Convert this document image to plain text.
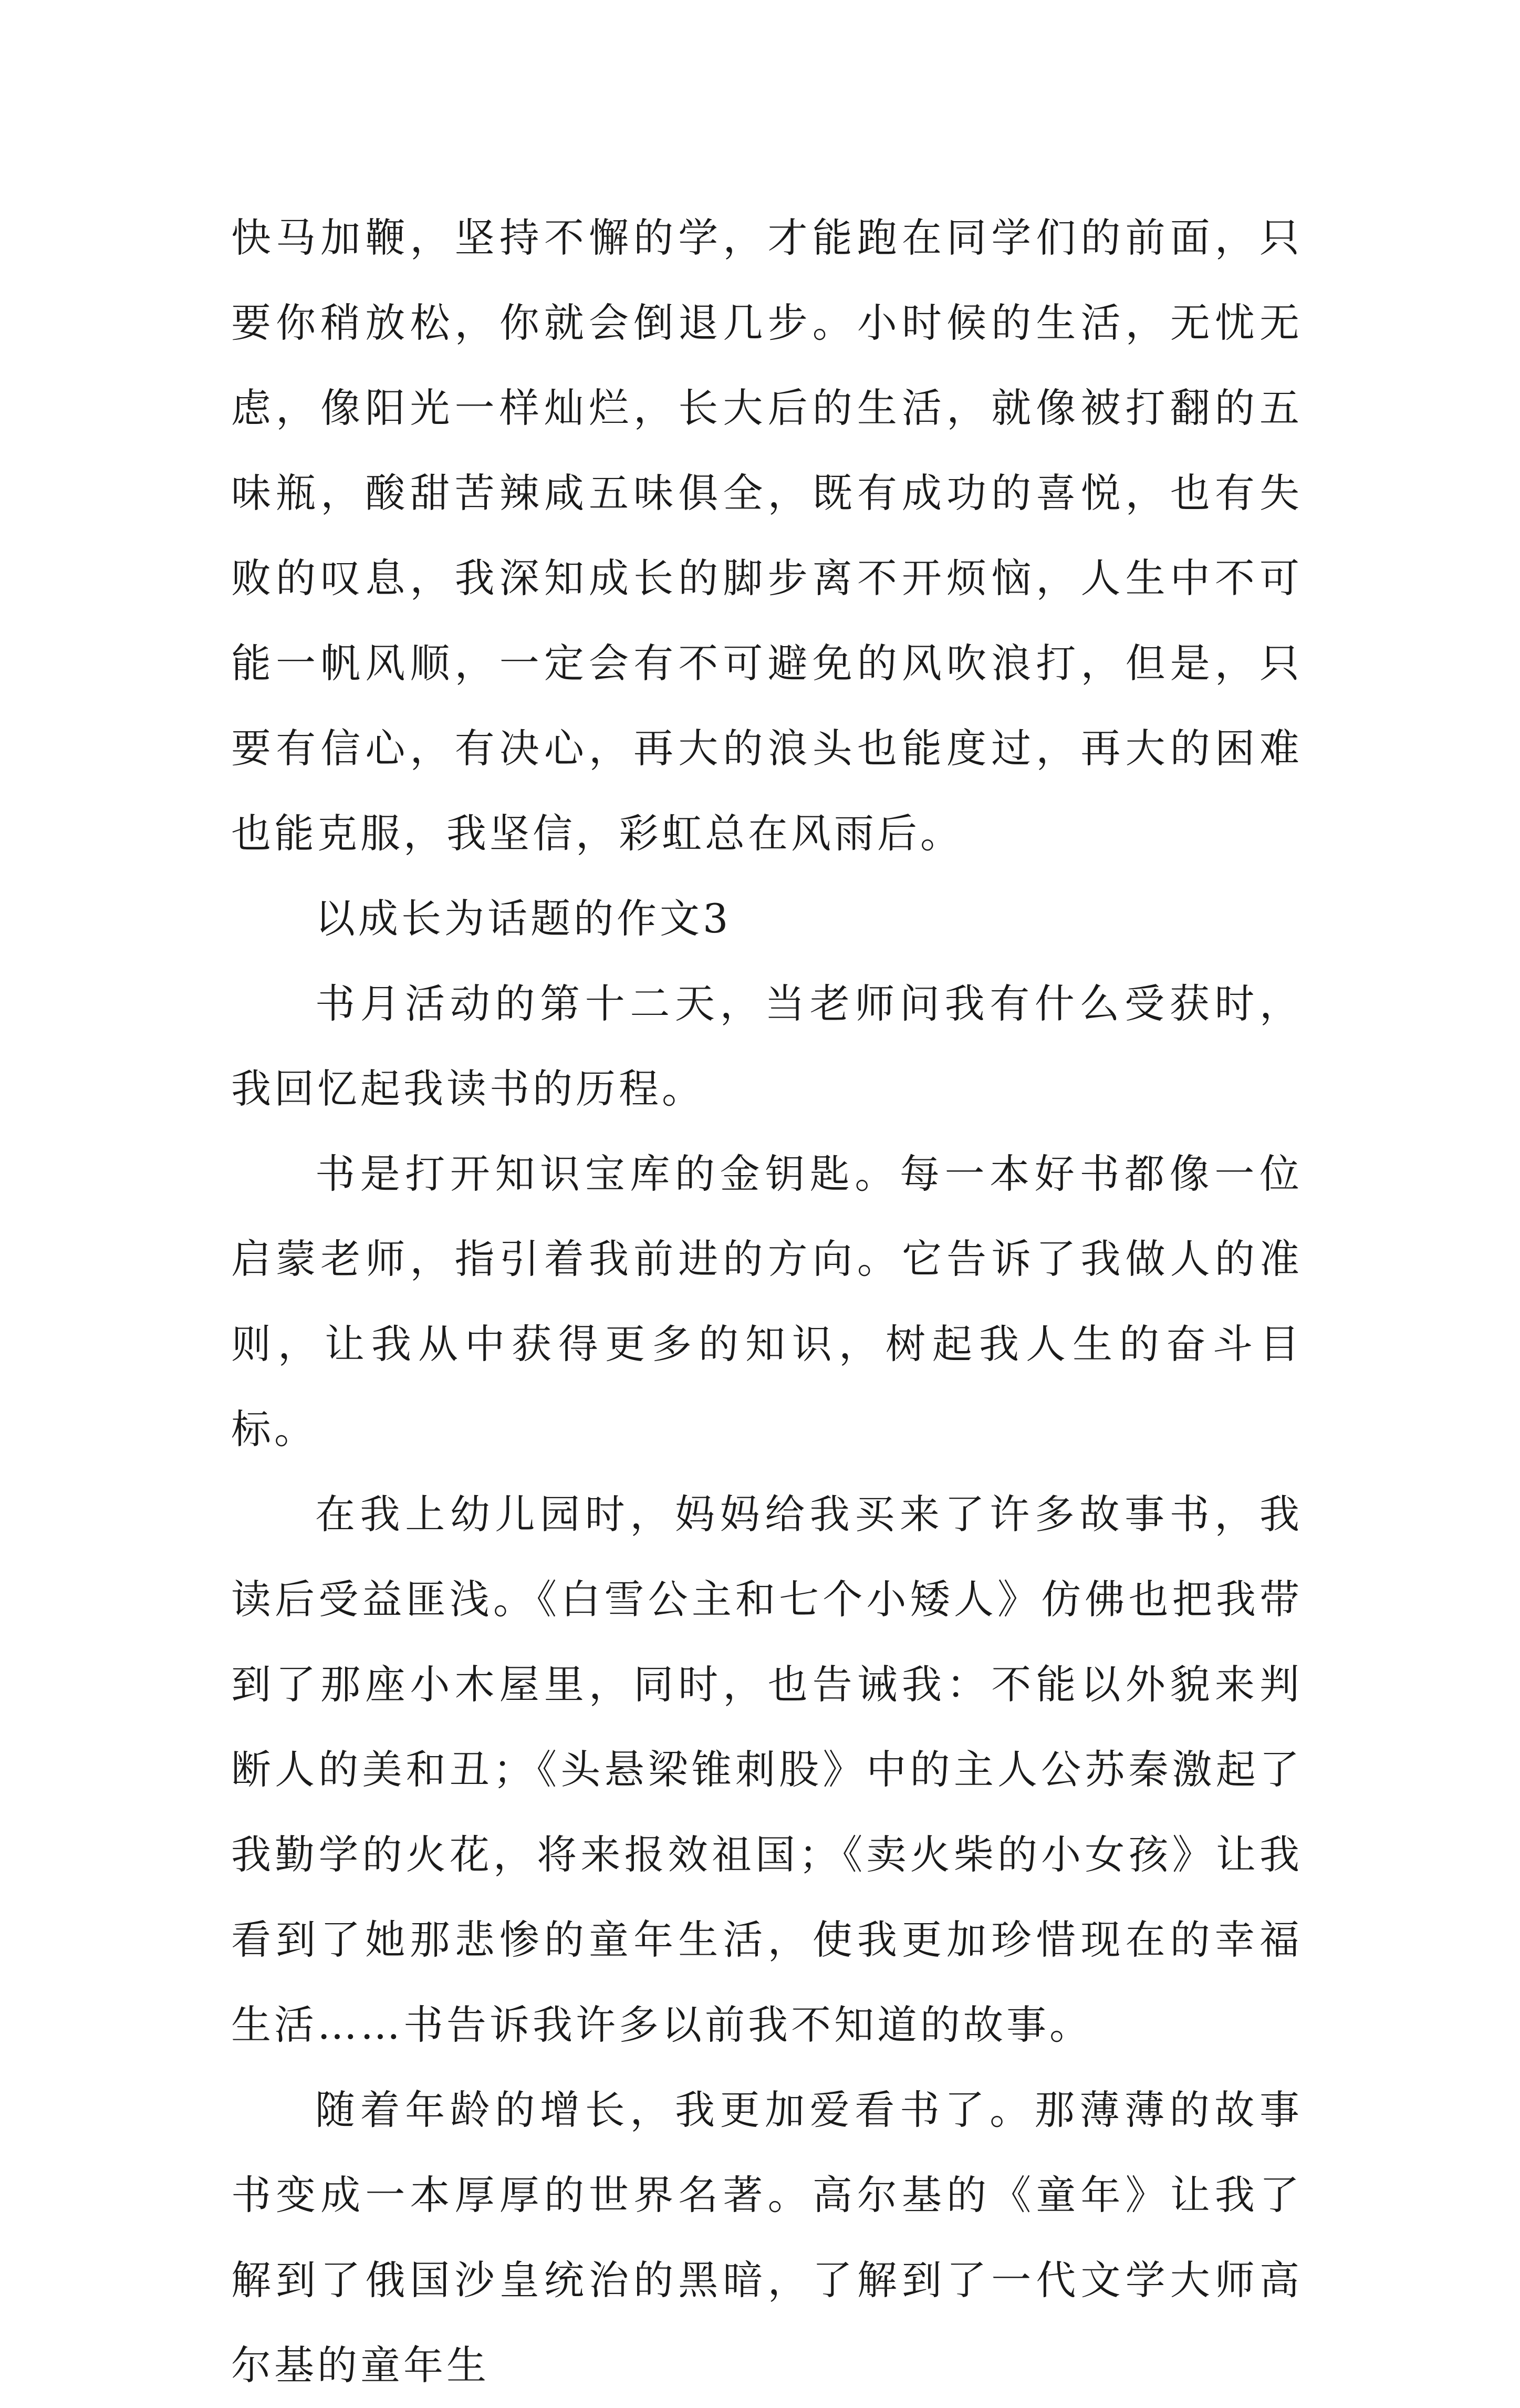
快马加鞭，坚持不懈的学，才能跑在同学们的前面，只要你稍放松，你就会倒退几步。小时候的生活，无忧无虑，像阳光一样灿烂，长大后的生活，就像被打翻的五味瓶，酸甜苦辣咸五味俱全，既有成功的喜悦，也有失败的叹息，我深知成长的脚步离不开烦恼，人生中不可能一帆风顺，一定会有不可避免的风吹浪打，但是，只要有信心，有决心，再大的浪头也能度过，再大的困难也能克服，我坚信，彩虹总在风雨后。

以成长为话题的作文3

书月活动的第十二天，当老师问我有什么受获时，我回忆起我读书的历程。

书是打开知识宝库的金钥匙。每一本好书都像一位启蒙老师，指引着我前进的方向。它告诉了我做人的准则，让我从中获得更多的知识，树起我人生的奋斗目标。

在我上幼儿园时，妈妈给我买来了许多故事书，我读后受益匪浅。《白雪公主和七个小矮人》仿佛也把我带到了那座小木屋里，同时，也告诫我：不能以外貌来判断人的美和丑；《头悬梁锥刺股》中的主人公苏秦激起了我勤学的火花，将来报效祖国；《卖火柴的小女孩》让我看到了她那悲惨的童年生活，使我更加珍惜现在的幸福生活……书告诉我许多以前我不知道的故事。

随着年龄的增长，我更加爱看书了。那薄薄的故事书变成一本厚厚的世界名著。高尔基的《童年》让我了解到了俄国沙皇统治的黑暗，了解到了一代文学大师高尔基的童年生
